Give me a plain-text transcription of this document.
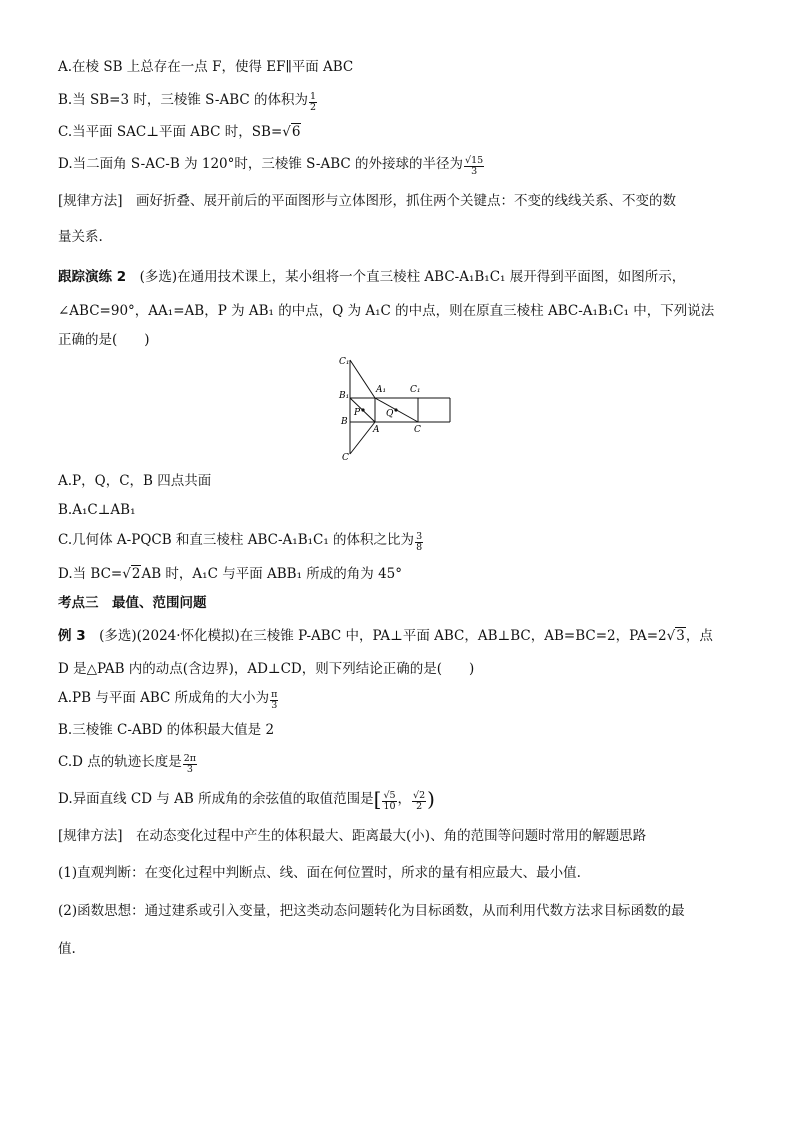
A.在棱 SB 上总存在一点 F，使得 EF∥平面 ABC
B.当 SB=3 时，三棱锥 S-ABC 的体积为 $\frac{1}{2}$
C.当平面 SAC⊥平面 ABC 时，SB=√6
D.当二面角 S-AC-B 为 120°时，三棱锥 S-ABC 的外接球的半径为 $\frac{√15}{3}$
[规律方法]　画好折叠、展开前后的平面图形与立体图形，抓住两个关键点：不变的线线关系、不变的数
量关系.
跟踪演练 2　(多选)在通用技术课上，某小组将一个直三棱柱 ABC-A₁B₁C₁ 展开得到平面图，如图所示，
∠ABC=90°，AA₁=AB，P 为 AB₁ 的中点，Q 为 A₁C 的中点，则在原直三棱柱 ABC-A₁B₁C₁ 中，下列说法
正确的是(　　)
C₁
B₁
A₁	C₁
P	Q
B
A	C
C
A.P，Q，C，B 四点共面
B.A₁C⊥AB₁
C.几何体 A-PQCB 和直三棱柱 ABC-A₁B₁C₁ 的体积之比为 $\frac{3}{8}$
D.当 BC=√2AB 时，A₁C 与平面 ABB₁ 所成的角为 45°
考点三　最值、范围问题
例 3　(多选)(2024·怀化模拟)在三棱锥 P-ABC 中，PA⊥平面 ABC，AB⊥BC，AB=BC=2，PA=2√3，点
D 是△PAB 内的动点(含边界)，AD⊥CD，则下列结论正确的是(　　)
A.PB 与平面 ABC 所成角的大小为 $\frac{\pi}{3}$
B.三棱锥 C-ABD 的体积最大值是 2
C.D 点的轨迹长度是 $\frac{2\pi}{3}$
D.异面直线 CD 与 AB 所成角的余弦值的取值范围是[ $\frac{√5}{10}$ ， $\frac{√2}{2}$ )
[规律方法]　在动态变化过程中产生的体积最大、距离最大(小)、角的范围等问题时常用的解题思路
(1)直观判断：在变化过程中判断点、线、面在何位置时，所求的量有相应最大、最小值.
(2)函数思想：通过建系或引入变量，把这类动态问题转化为目标函数，从而利用代数方法求目标函数的最
值.
